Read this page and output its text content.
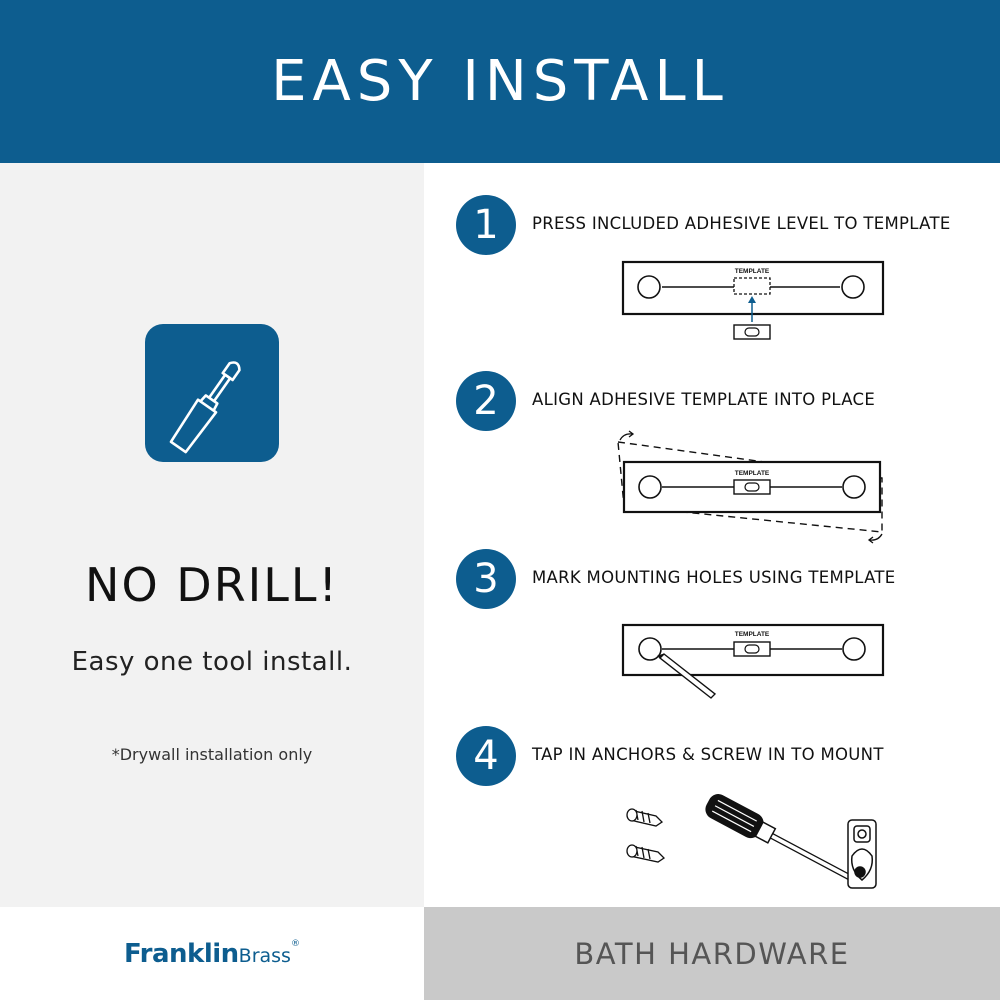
EASY INSTALL
NO DRILL!
Easy one tool install.
*Drywall installation only
1	PRESS INCLUDED ADHESIVE LEVEL TO TEMPLATE
TEMPLATE
2	ALIGN ADHESIVE TEMPLATE INTO PLACE
TEMPLATE
3	MARK MOUNTING HOLES USING TEMPLATE
TEMPLATE
4	TAP IN ANCHORS & SCREW IN TO MOUNT
FranklinBrass®	BATH HARDWARE
